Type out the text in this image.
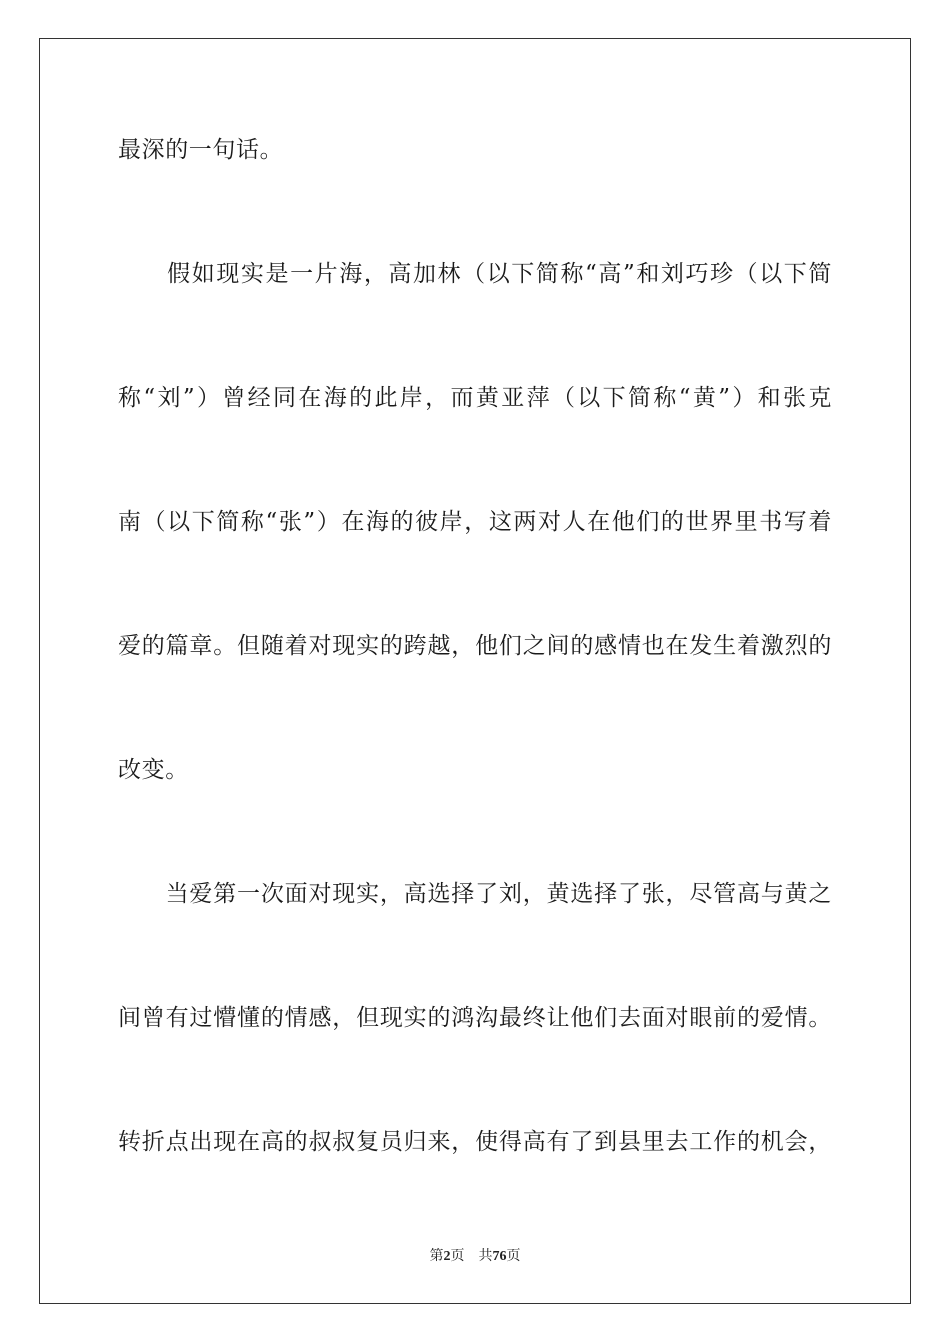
最深的一句话。
　　假如现实是一片海，高加林（以下简称“高”和刘巧珍（以下简
称“刘”）曾经同在海的此岸，而黄亚萍（以下简称“黄”）和张克
南（以下简称“张”）在海的彼岸，这两对人在他们的世界里书写着
爱的篇章。但随着对现实的跨越，他们之间的感情也在发生着激烈的
改变。
　　当爱第一次面对现实，高选择了刘，黄选择了张，尽管高与黄之
间曾有过懵懂的情感，但现实的鸿沟最终让他们去面对眼前的爱情。
转折点出现在高的叔叔复员归来，使得高有了到县里去工作的机会，
第2页 共76页
